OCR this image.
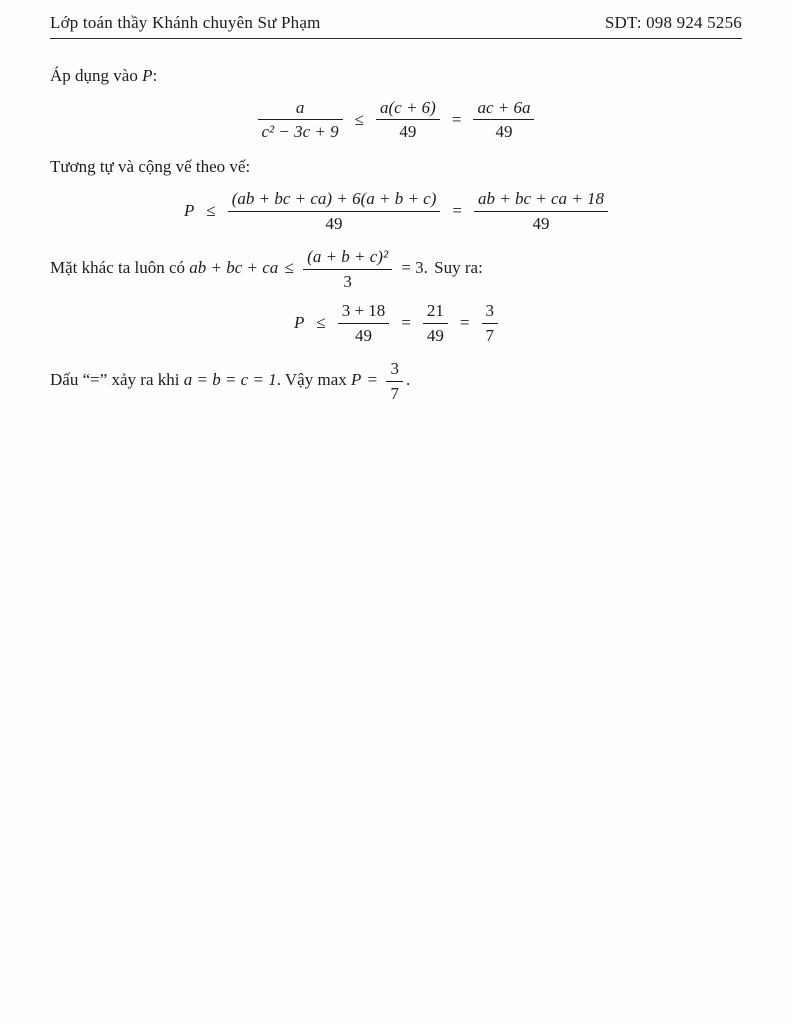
Lớp toán thầy Khánh chuyên Sư Phạm	SDT: 098 924 5256
Áp dụng vào P:
$\frac{a}{\text{c² − 3c + 9}} \le \frac{a(c + 6)}{49} = \frac{ac + 6a}{49}$
Tương tự và cộng vế theo vế:
$P \le \frac{(ab + bc + ca) + 6(a + b + c)}{49} = \frac{ab + bc + ca + 18}{49}$
Mặt khác ta luôn có ab + bc + ca ≤ $\frac{\text{(a + b + c)²}}{3} = 3$. Suy ra:
$P \le \frac{3 + 18}{49} = \frac{21}{49} = \frac{3}{7}$
Dấu “=” xảy ra khi a = b = c = 1. Vậy $\max P = \frac{3}{7}$ .
